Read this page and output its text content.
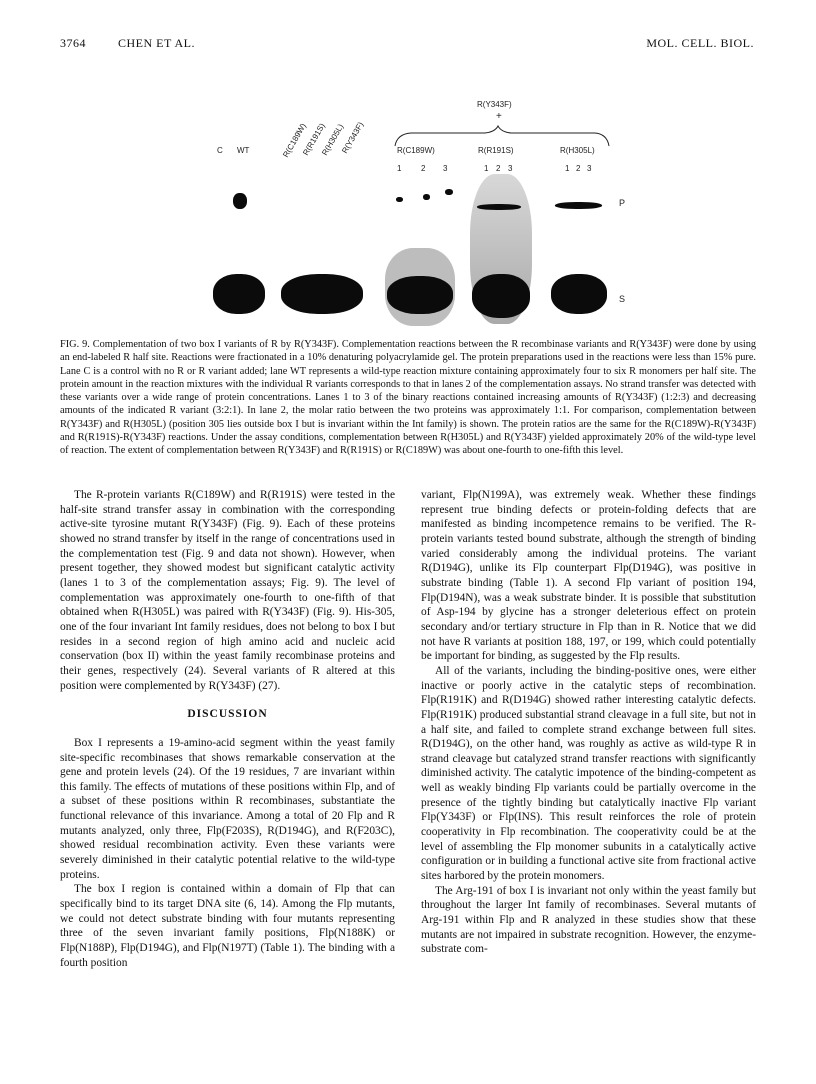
3764	CHEN ET AL.	MOL. CELL. BIOL.
R(Y343F)
+
C WT	R(C189W)
R(R191S)
R(H305L)
R(Y343F)	R(C189W)
1 2 3
R(R191S)
1 2 3
R(H305L)
1 2 3
P
S

FIG. 9. Complementation of two box I variants of R by R(Y343F). Complementation reactions between the R recombinase variants and R(Y343F) were done by using an end-labeled R half site. Reactions were fractionated in a 10% denaturing polyacrylamide gel. The protein preparations used in the reactions were less than 15% pure. Lane C is a control with no R or R variant added; lane WT represents a wild-type reaction mixture containing approximately four to six R monomers per half site. The protein amount in the reaction mixtures with the individual R variants corresponds to that in lanes 2 of the complementation assays. No strand transfer was detected with these variants over a wide range of protein concentrations. Lanes 1 to 3 of the binary reactions contained increasing amounts of R(Y343F) (1:2:3) and decreasing amounts of the indicated R variant (3:2:1). In lane 2, the molar ratio between the two proteins was approximately 1:1. For comparison, complementation between R(Y343F) and R(H305L) (position 305 lies outside box I but is invariant within the Int family) is shown. The protein ratios are the same for the R(C189W)-R(Y343F) and R(R191S)-R(Y343F) reactions. Under the assay conditions, complementation between R(H305L) and R(Y343F) yielded approximately 20% of the wild-type level of reaction. The extent of complementation between R(Y343F) and R(R191S) or R(C189W) was about one-fourth to one-fifth this level.

The R-protein variants R(C189W) and R(R191S) were tested in the half-site strand transfer assay in combination with the corresponding active-site tyrosine mutant R(Y343F) (Fig. 9). Each of these proteins showed no strand transfer by itself in the range of concentrations used in the complementation test (Fig. 9 and data not shown). However, when present together, they showed modest but significant catalytic activity (lanes 1 to 3 of the complementation assays; Fig. 9). The level of complementation was approximately one-fourth to one-fifth of that obtained when R(H305L) was paired with R(Y343F) (Fig. 9). His-305, one of the four invariant Int family residues, does not belong to box I but resides in a second region of high amino acid and nucleic acid conservation (box II) within the yeast family recombinase proteins and their genes, respectively (24). Several variants of R altered at this position were complemented by R(Y343F) (27).

DISCUSSION

Box I represents a 19-amino-acid segment within the yeast family site-specific recombinases that shows remarkable conservation at the gene and protein levels (24). Of the 19 residues, 7 are invariant within this family. The effects of mutations of these positions within Flp, and of a subset of these positions within R recombinases, substantiate the functional relevance of this invariance. Among a total of 20 Flp and R mutants analyzed, only three, Flp(F203S), R(D194G), and R(F203C), showed residual recombination activity. Even these variants were severely diminished in their catalytic potential relative to the wild-type proteins.

The box I region is contained within a domain of Flp that can specifically bind to its target DNA site (6, 14). Among the Flp mutants, we could not detect substrate binding with four mutants representing three of the seven invariant family positions, Flp(N188K) or Flp(N188P), Flp(D194G), and Flp(N197T) (Table 1). The binding with a fourth position

variant, Flp(N199A), was extremely weak. Whether these findings represent true binding defects or protein-folding defects that are manifested as binding incompetence remains to be verified. The R-protein variants tested bound substrate, although the strength of binding varied considerably among the individual proteins. The variant R(D194G), unlike its Flp counterpart Flp(D194G), was positive in substrate binding (Table 1). A second Flp variant of position 194, Flp(D194N), was a weak substrate binder. It is possible that substitution of Asp-194 by glycine has a stronger deleterious effect on protein secondary and/or tertiary structure in Flp than in R. Notice that we did not have R variants at position 188, 197, or 199, which could potentially be important for binding, as suggested by the Flp results.

All of the variants, including the binding-positive ones, were either inactive or poorly active in the catalytic steps of recombination. Flp(R191K) and R(D194G) showed rather interesting catalytic defects. Flp(R191K) produced substantial strand cleavage in a full site, but not in a half site, and failed to complete strand exchange between full sites. R(D194G), on the other hand, was roughly as active as wild-type R in strand cleavage but catalyzed strand transfer reactions with significantly diminished activity. The catalytic impotence of the binding-competent as well as weakly binding Flp variants could be partially overcome in the presence of the tightly binding but catalytically inactive Flp variant Flp(Y343F) or Flp(INS). This result reinforces the role of protein cooperativity in Flp recombination. The cooperativity could be at the level of assembling the Flp monomer subunits in a catalytically active configuration or in building a functional active site from fractional active sites harbored by the protein monomers.

The Arg-191 of box I is invariant not only within the yeast family but throughout the larger Int family of recombinases. Several mutants of Arg-191 within Flp and R analyzed in these studies show that these mutants are not impaired in substrate recognition. However, the enzyme-substrate com-
